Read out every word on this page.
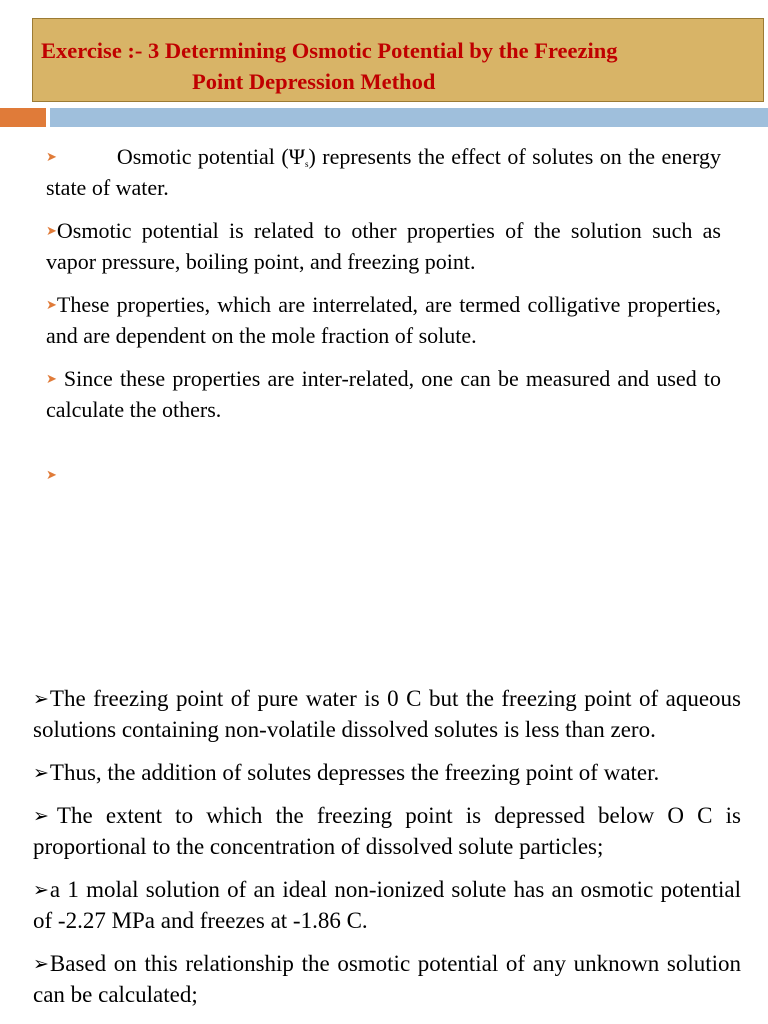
Exercise :- 3 Determining Osmotic Potential by the Freezing
Point Depression Method

➤	Osmotic potential (Ψs) represents the effect of solutes on the energy state of water.

➤Osmotic potential is related to other properties of the solution such as vapor pressure, boiling point, and freezing point.

➤These properties, which are interrelated, are termed colligative properties, and are dependent on the mole fraction of solute.

➤ Since these properties are inter-related, one can be measured and used to calculate the others.

➤

➢The freezing point of pure water is 0 C but the freezing point of aqueous solutions containing non-volatile dissolved solutes is less than zero.

➢Thus, the addition of solutes depresses the freezing point of water.

➢ The extent to which the freezing point is depressed below O C is proportional to the concentration of dissolved solute particles;

➢a 1 molal solution of an ideal non-ionized solute has an osmotic potential of -2.27 MPa and freezes at -1.86 C.

➢Based on this relationship the osmotic potential of any unknown solution can be calculated;
